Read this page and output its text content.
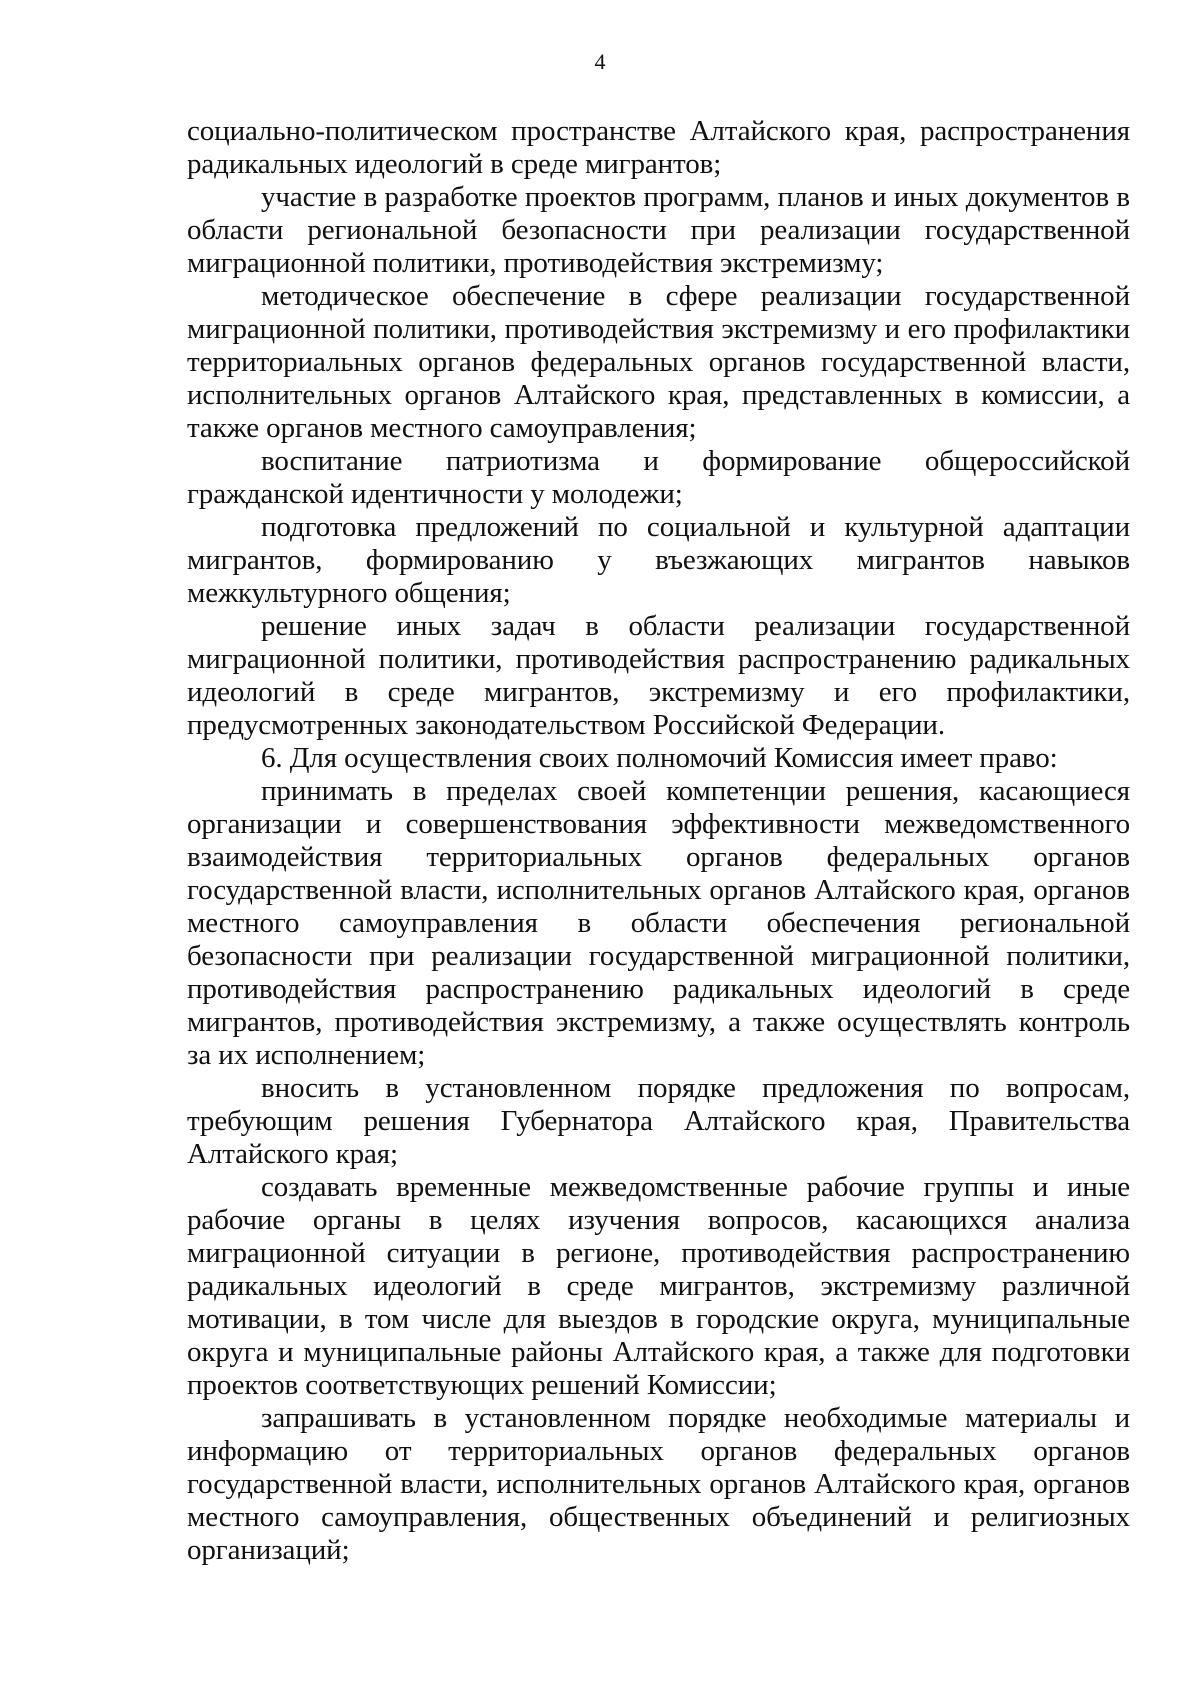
4

социально-политическом пространстве Алтайского края, распространения радикальных идеологий в среде мигрантов;

участие в разработке проектов программ, планов и иных документов в области региональной безопасности при реализации государственной миграционной политики, противодействия экстремизму;

методическое обеспечение в сфере реализации государственной миграционной политики, противодействия экстремизму и его профилактики территориальных органов федеральных органов государственной власти, исполнительных органов Алтайского края, представленных в комиссии, а также органов местного самоуправления;

воспитание патриотизма и формирование общероссийской гражданской идентичности у молодежи;

подготовка предложений по социальной и культурной адаптации мигрантов, формированию у въезжающих мигрантов навыков межкультурного общения;

решение иных задач в области реализации государственной миграционной политики, противодействия распространению радикальных идеологий в среде мигрантов, экстремизму и его профилактики, предусмотренных законодательством Российской Федерации.

6. Для осуществления своих полномочий Комиссия имеет право:

принимать в пределах своей компетенции решения, касающиеся организации и совершенствования эффективности межведомственного взаимодействия территориальных органов федеральных органов государственной власти, исполнительных органов Алтайского края, органов местного самоуправления в области обеспечения региональной безопасности при реализации государственной миграционной политики, противодействия распространению радикальных идеологий в среде мигрантов, противодействия экстремизму, а также осуществлять контроль за их исполнением;

вносить в установленном порядке предложения по вопросам, требующим решения Губернатора Алтайского края, Правительства Алтайского края;

создавать временные межведомственные рабочие группы и иные рабочие органы в целях изучения вопросов, касающихся анализа миграционной ситуации в регионе, противодействия распространению радикальных идеологий в среде мигрантов, экстремизму различной мотивации, в том числе для выездов в городские округа, муниципальные округа и муниципальные районы Алтайского края, а также для подготовки проектов соответствующих решений Комиссии;

запрашивать в установленном порядке необходимые материалы и информацию от территориальных органов федеральных органов государственной власти, исполнительных органов Алтайского края, органов местного самоуправления, общественных объединений и религиозных организаций;
